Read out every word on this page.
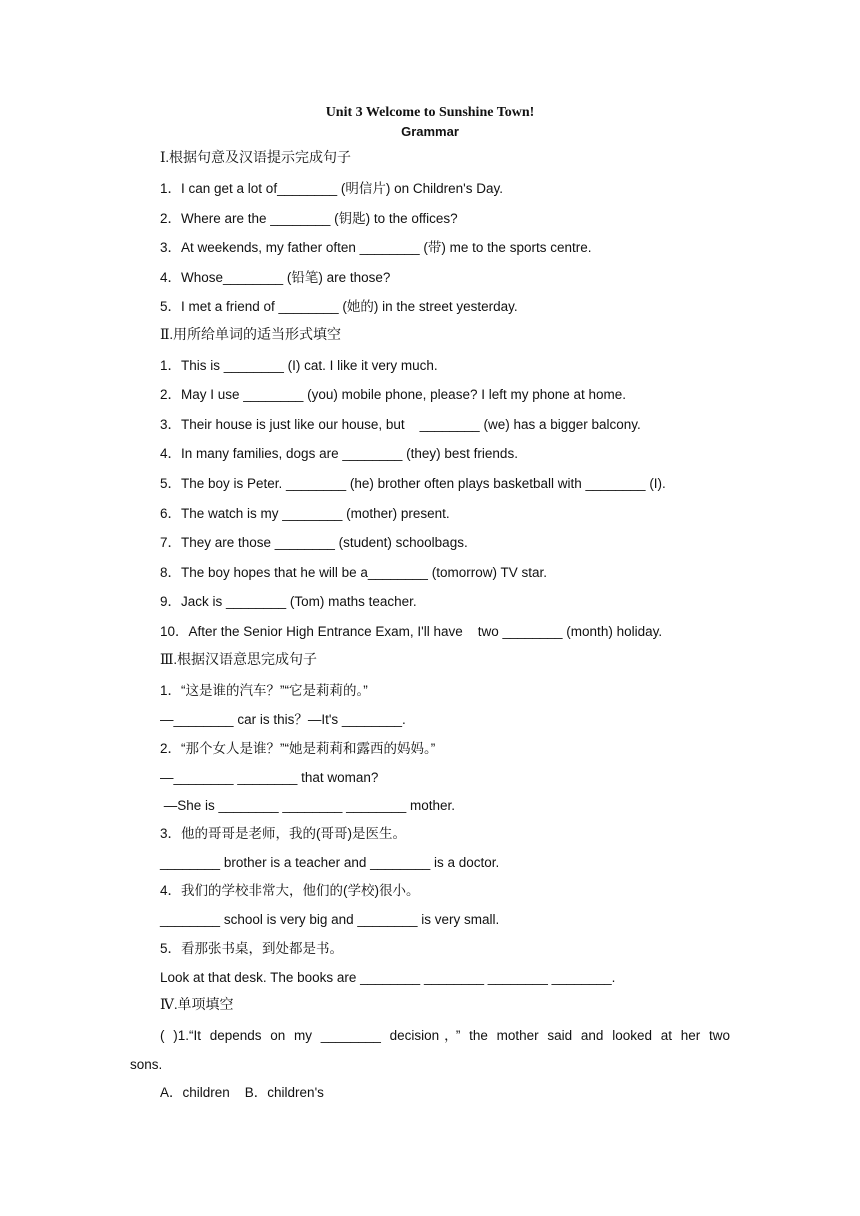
Unit 3 Welcome to Sunshine Town!
Grammar
Ⅰ.根据句意及汉语提示完成句子
1．I can get a lot of________ (明信片) on Children's Day.
2．Where are the ________ (钥匙) to the offices?
3．At weekends, my father often ________ (带) me to the sports centre.
4．Whose________ (铅笔) are those?
5．I met a friend of ________ (她的) in the street yesterday.
Ⅱ.用所给单词的适当形式填空
1．This is ________ (I) cat. I like it very much.
2．May I use ________ (you) mobile phone, please? I left my phone at home.
3．Their house is just like our house, but    ________ (we) has a bigger balcony.
4．In many families, dogs are ________ (they) best friends.
5．The boy is Peter. ________ (he) brother often plays basketball with ________ (I).
6．The watch is my ________ (mother) present.
7．They are those ________ (student) schoolbags.
8．The boy hopes that he will be a________ (tomorrow) TV star.
9．Jack is ________ (Tom) maths teacher.
10．After the Senior High Entrance Exam, I'll have    two ________ (month) holiday.
Ⅲ.根据汉语意思完成句子
1．“这是谁的汽车？”“它是莉莉的。”
—________ car is this？—It's ________.
2．“那个女人是谁？”“她是莉莉和露西的妈妈。”
—________ ________ that woman?
—She is ________ ________ ________ mother.
3．他的哥哥是老师，我的(哥哥)是医生。
________ brother is a teacher and ________ is a doctor.
4．我们的学校非常大，他们的(学校)很小。
________ school is very big and ________ is very small.
5．看那张书桌，到处都是书。
Look at that desk. The books are ________ ________ ________ ________.
Ⅳ.单项填空
( )1.“It depends on my ________ decision，” the mother said and looked at her two
sons.
A．children    B．children's
